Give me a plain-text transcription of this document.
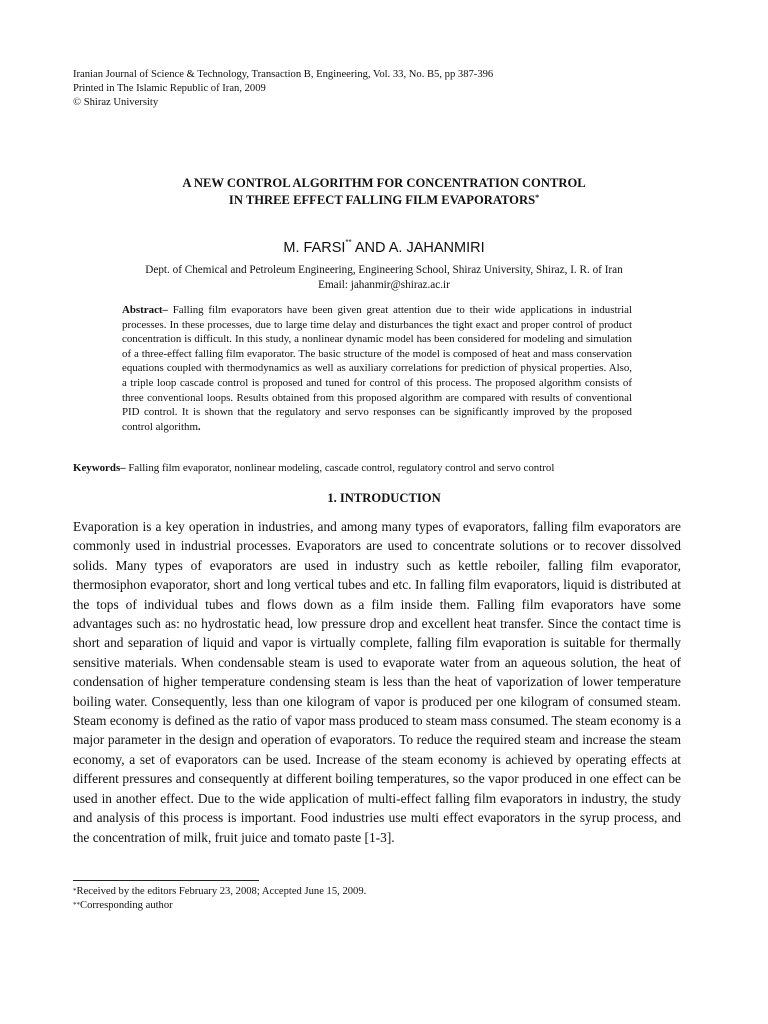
Iranian Journal of Science & Technology, Transaction B, Engineering, Vol. 33, No. B5, pp 387-396
Printed in The Islamic Republic of Iran, 2009
© Shiraz University
A NEW CONTROL ALGORITHM FOR CONCENTRATION CONTROL
IN THREE EFFECT FALLING FILM EVAPORATORS*
M. FARSI** AND A. JAHANMIRI
Dept. of Chemical and Petroleum Engineering, Engineering School, Shiraz University, Shiraz, I. R. of Iran
Email: jahanmir@shiraz.ac.ir
Abstract– Falling film evaporators have been given great attention due to their wide applications in industrial processes. In these processes, due to large time delay and disturbances the tight exact and proper control of product concentration is difficult. In this study, a nonlinear dynamic model has been considered for modeling and simulation of a three-effect falling film evaporator. The basic structure of the model is composed of heat and mass conservation equations coupled with thermodynamics as well as auxiliary correlations for prediction of physical properties. Also, a triple loop cascade control is proposed and tuned for control of this process. The proposed algorithm consists of three conventional loops. Results obtained from this proposed algorithm are compared with results of conventional PID control. It is shown that the regulatory and servo responses can be significantly improved by the proposed control algorithm.
Keywords– Falling film evaporator, nonlinear modeling, cascade control, regulatory control and servo control
1. INTRODUCTION
Evaporation is a key operation in industries, and among many types of evaporators, falling film evaporators are commonly used in industrial processes. Evaporators are used to concentrate solutions or to recover dissolved solids. Many types of evaporators are used in industry such as kettle reboiler, falling film evaporator, thermosiphon evaporator, short and long vertical tubes and etc. In falling film evaporators, liquid is distributed at the tops of individual tubes and flows down as a film inside them. Falling film evaporators have some advantages such as: no hydrostatic head, low pressure drop and excellent heat transfer. Since the contact time is short and separation of liquid and vapor is virtually complete, falling film evaporation is suitable for thermally sensitive materials. When condensable steam is used to evaporate water from an aqueous solution, the heat of condensation of higher temperature condensing steam is less than the heat of vaporization of lower temperature boiling water. Consequently, less than one kilogram of vapor is produced per one kilogram of consumed steam. Steam economy is defined as the ratio of vapor mass produced to steam mass consumed. The steam economy is a major parameter in the design and operation of evaporators. To reduce the required steam and increase the steam economy, a set of evaporators can be used. Increase of the steam economy is achieved by operating effects at different pressures and consequently at different boiling temperatures, so the vapor produced in one effect can be used in another effect. Due to the wide application of multi-effect falling film evaporators in industry, the study and analysis of this process is important. Food industries use multi effect evaporators in the syrup process, and the concentration of milk, fruit juice and tomato paste [1-3].
*Received by the editors February 23, 2008; Accepted June 15, 2009.
**Corresponding author
